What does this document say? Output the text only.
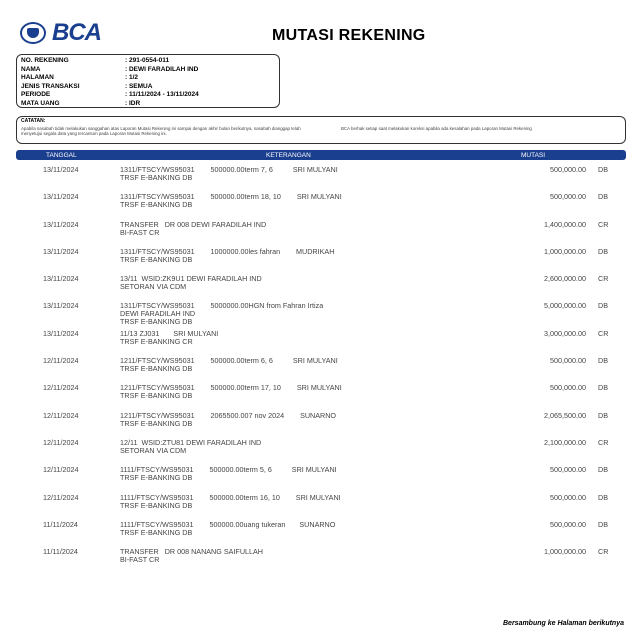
BCA	MUTASI REKENING
NO. REKENING	: 291-0554-011
NAMA	: DEWI FARADILAH IND
HALAMAN	: 1/2
JENIS TRANSAKSI	: SEMUA
PERIODE	: 11/11/2024 - 13/11/2024
MATA UANG	: IDR
CATATAN:
Apabila nasabah tidak melakukan sanggahan atas Laporan Mutasi Rekening ini sampai dengan akhir bulan berikutnya, nasabah dianggap telah menyetujui segala data yang tercantum pada Laporan Mutasi Rekening ini.
BCA berhak setiap saat melakukan koreksi apabila ada kesalahan pada Laporan Mutasi Rekening
TANGGAL	KETERANGAN	MUTASI
13/11/2024	1311/FTSCY/WS95031        500000.00term 7, 6          SRI MULYANI
TRSF E-BANKING DB
500,000.00 DB
13/11/2024	1311/FTSCY/WS95031        500000.00term 18, 10        SRI MULYANI
TRSF E-BANKING DB
500,000.00 DB
13/11/2024	TRANSFER   DR 008 DEWI FARADILAH IND
BI-FAST CR
1,400,000.00 CR
13/11/2024	1311/FTSCY/WS95031        1000000.00les fahran        MUDRIKAH
TRSF E-BANKING DB
1,000,000.00 DB
13/11/2024	13/11  WSID:ZK9U1 DEWI FARADILAH IND
SETORAN VIA CDM
2,600,000.00 CR
13/11/2024	1311/FTSCY/WS95031        5000000.00HGN from Fahran Irtiza
DEWI FARADILAH IND
TRSF E-BANKING DB
5,000,000.00 DB
13/11/2024	11/13 ZJ031       SRI MULYANI
TRSF E-BANKING CR
3,000,000.00 CR
12/11/2024	1211/FTSCY/WS95031        500000.00term 6, 6          SRI MULYANI
TRSF E-BANKING DB
500,000.00 DB
12/11/2024	1211/FTSCY/WS95031        500000.00term 17, 10        SRI MULYANI
TRSF E-BANKING DB
500,000.00 DB
12/11/2024	1211/FTSCY/WS95031        2065500.007 nov 2024        SUNARNO
TRSF E-BANKING DB
2,065,500.00 DB
12/11/2024	12/11  WSID:ZTU81 DEWI FARADILAH IND
SETORAN VIA CDM
2,100,000.00 CR
12/11/2024	1111/FTSCY/WS95031        500000.00term 5, 6          SRI MULYANI
TRSF E-BANKING DB
500,000.00 DB
12/11/2024	1111/FTSCY/WS95031        500000.00term 16, 10        SRI MULYANI
TRSF E-BANKING DB
500,000.00 DB
11/11/2024	1111/FTSCY/WS95031        500000.00uang tukeran       SUNARNO
TRSF E-BANKING DB
500,000.00 DB
11/11/2024	TRANSFER   DR 008 NANANG SAIFULLAH
BI-FAST CR
1,000,000.00 CR
Bersambung ke Halaman berikutnya
